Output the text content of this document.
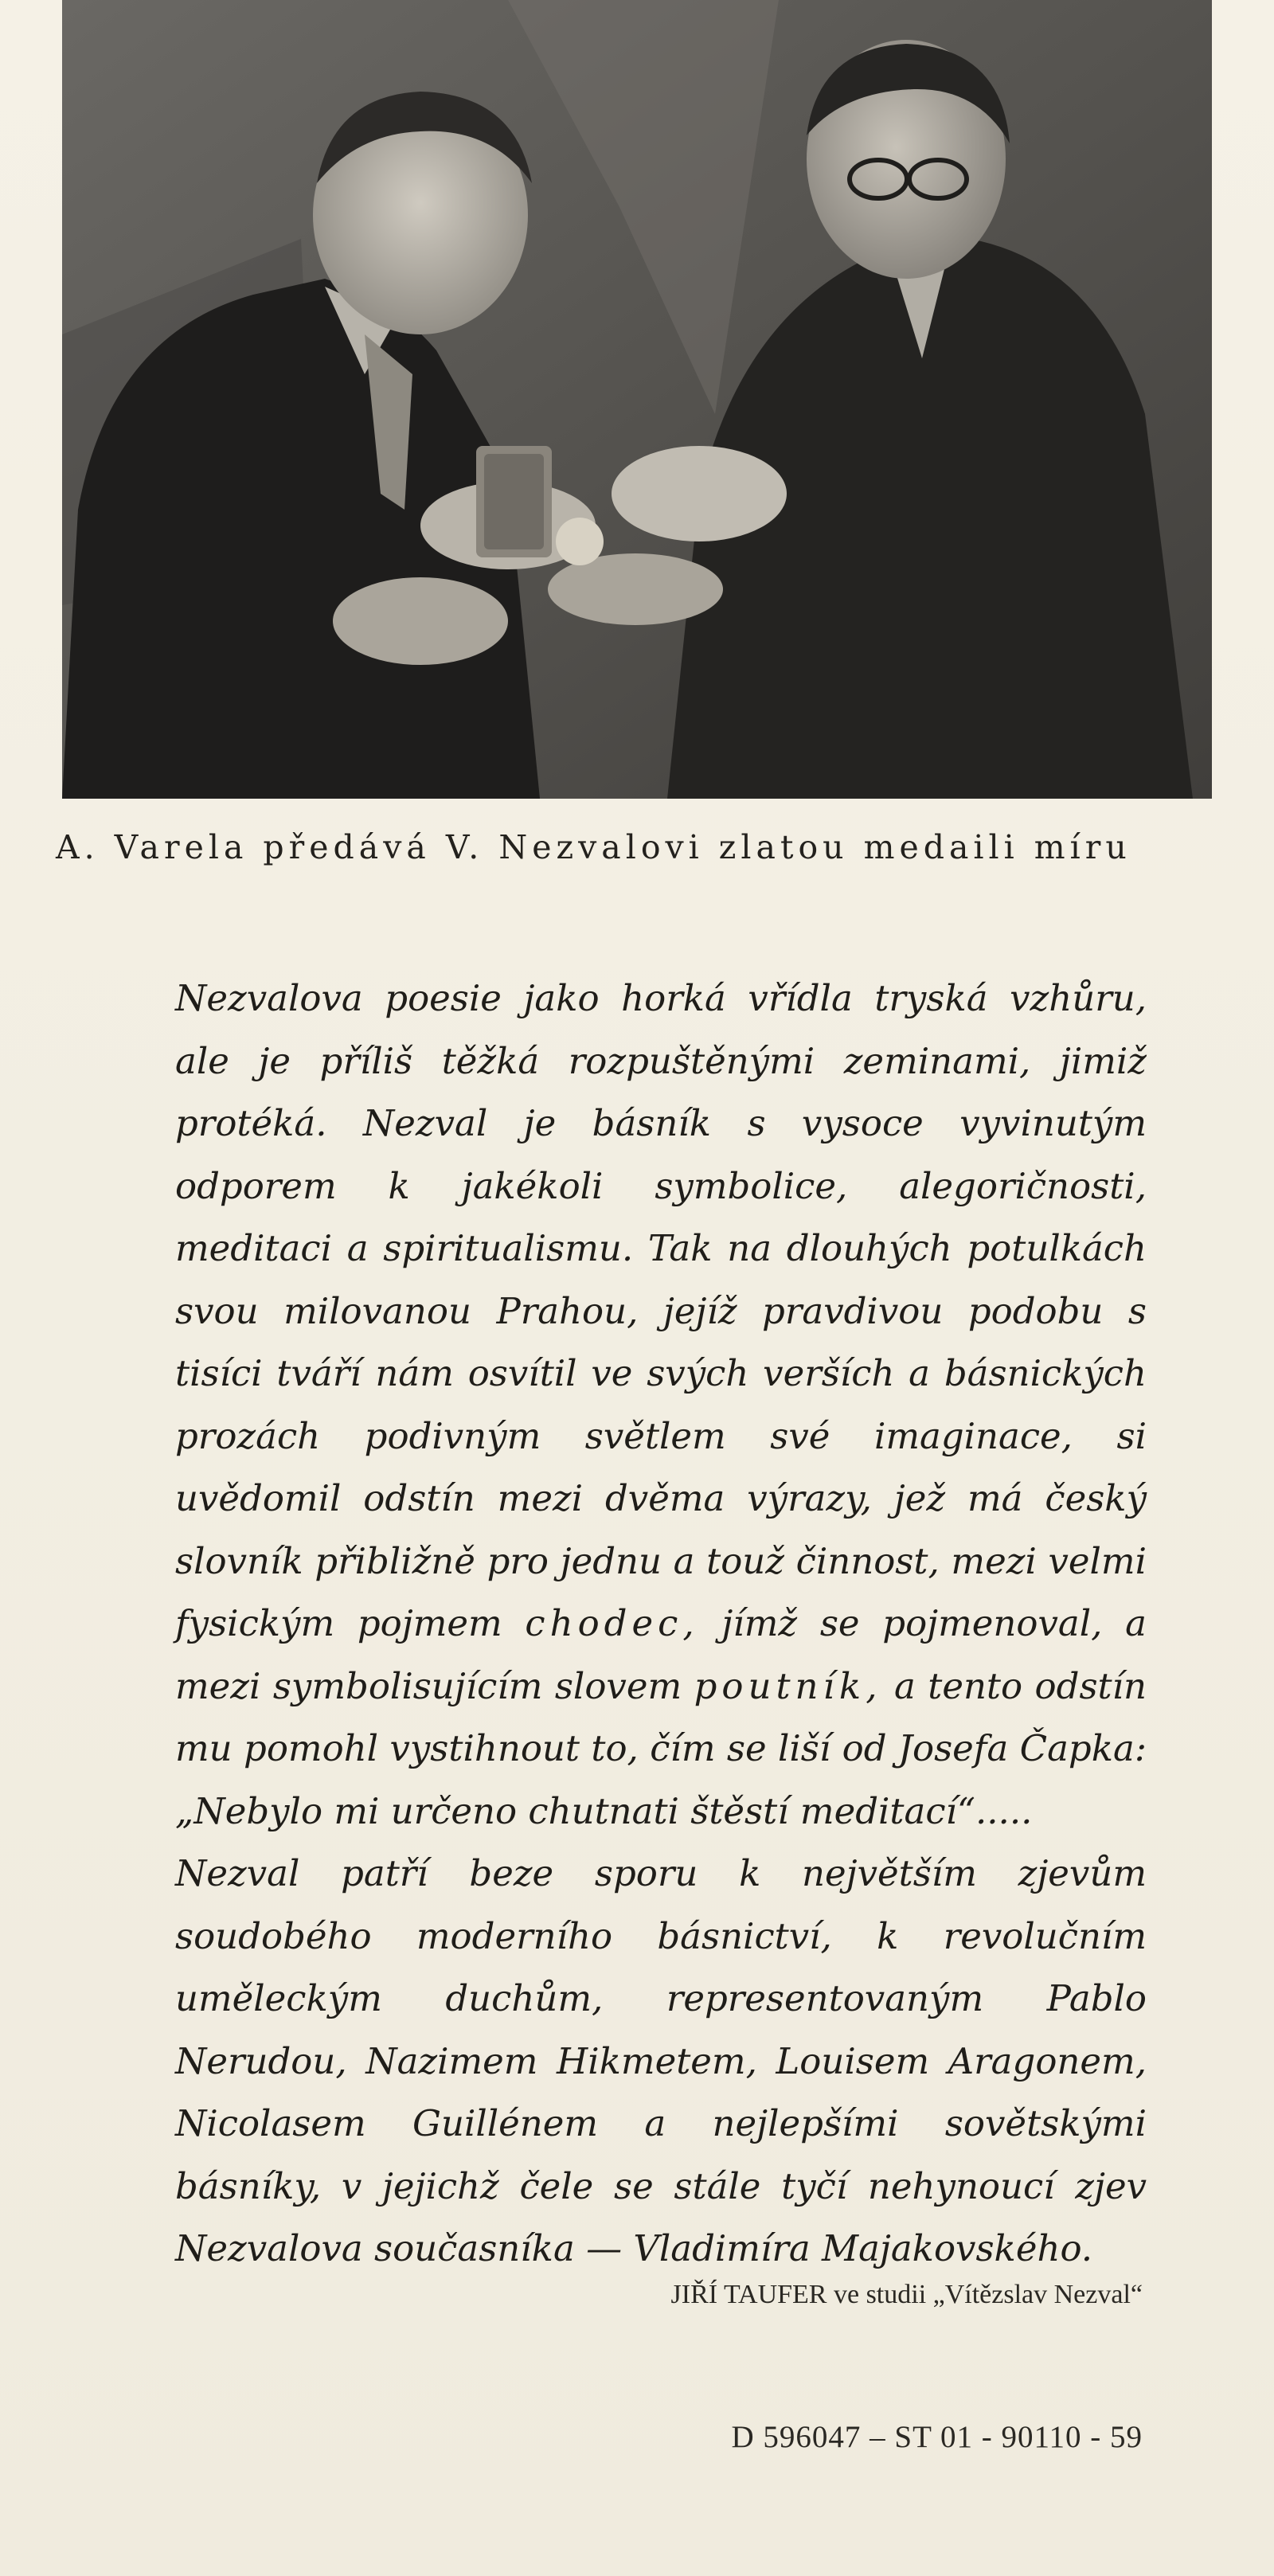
A. Varela předává V. Nezvalovi zlatou medaili míru

Nezvalova poesie jako horká vřídla tryská vzhůru, ale je příliš těžká rozpuštěnými zeminami, jimiž protéká. Nezval je básník s vysoce vyvinutým odporem k jakékoli symbolice, alegoričnosti, meditaci a spiritualismu. Tak na dlouhých potulkách svou milovanou Prahou, jejíž pravdivou podobu s tisíci tváří nám osvítil ve svých verších a básnických prozách podivným světlem své imaginace, si uvědomil odstín mezi dvěma výrazy, jež má český slovník přibližně pro jednu a touž činnost, mezi velmi fysickým pojmem chodec, jímž se pojmenoval, a mezi symbolisujícím slovem poutník, a tento odstín mu pomohl vystihnout to, čím se liší od Josefa Čapka: „Nebylo mi určeno chutnati štěstí meditací“.....

Nezval patří beze sporu k největším zjevům soudobého moderního básnictví, k revolučním uměleckým duchům, representovaným Pablo Nerudou, Nazimem Hikmetem, Louisem Aragonem, Nicolasem Guillénem a nejlepšími sovětskými básníky, v jejichž čele se stále tyčí nehynoucí zjev Nezvalova současníka — Vladimíra Majakovského.

JIŘÍ TAUFER ve studii „Vítězslav Nezval“
D 596047 – ST 01 - 90110 - 59
